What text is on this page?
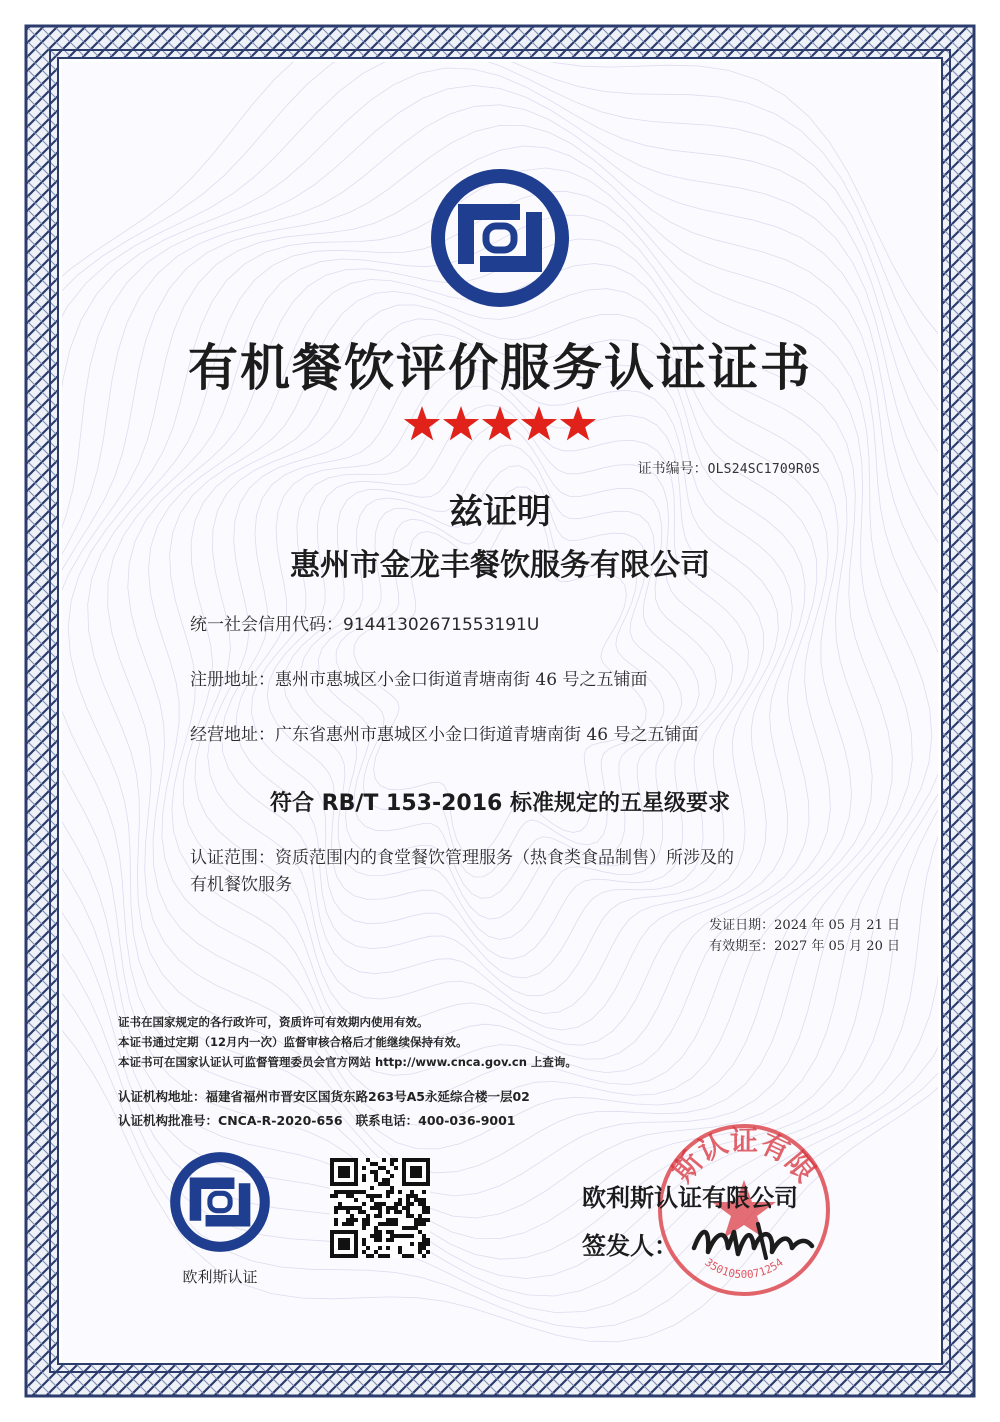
有机餐饮评价服务认证证书
证书编号：OLS24SC1709R0S
兹证明
惠州市金龙丰餐饮服务有限公司
统一社会信用代码：91441302671553191U
注册地址：惠州市惠城区小金口街道青塘南街 46 号之五铺面
经营地址：广东省惠州市惠城区小金口街道青塘南街 46 号之五铺面
符合 RB/T 153-2016 标准规定的五星级要求
认证范围：资质范围内的食堂餐饮管理服务（热食类食品制售）所涉及的
有机餐饮服务
发证日期：2024 年 05 月 21 日
有效期至：2027 年 05 月 20 日
证书在国家规定的各行政许可，资质许可有效期内使用有效。
本证书通过定期（12月内一次）监督审核合格后才能继续保持有效。
本证书可在国家认证认可监督管理委员会官方网站 http://www.cnca.gov.cn 上查询。
认证机构地址：福建省福州市晋安区国货东路263号A5永延综合楼一层02
认证机构批准号：CNCA-R-2020-656 联系电话：400-036-9001
欧利斯认证
斯认证有限
3501050071254
欧利斯认证有限公司
签发人：
